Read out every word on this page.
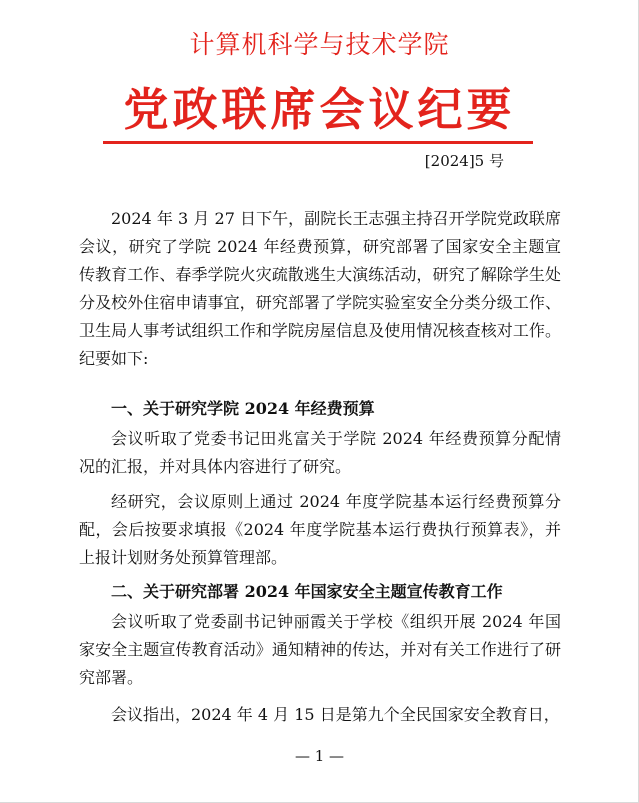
计算机科学与技术学院
党政联席会议纪要
[2024]5 号

2024 年 3 月 27 日下午，副院长王志强主持召开学院党政联席会议，研究了学院 2024 年经费预算，研究部署了国家安全主题宣传教育工作、春季学院火灾疏散逃生大演练活动，研究了解除学生处分及校外住宿申请事宜，研究部署了学院实验室安全分类分级工作、卫生局人事考试组织工作和学院房屋信息及使用情况核查核对工作。纪要如下:

一、关于研究学院 2024 年经费预算

会议听取了党委书记田兆富关于学院 2024 年经费预算分配情况的汇报，并对具体内容进行了研究。

经研究，会议原则上通过 2024 年度学院基本运行经费预算分配，会后按要求填报《2024 年度学院基本运行费执行预算表》，并上报计划财务处预算管理部。

二、关于研究部署 2024 年国家安全主题宣传教育工作

会议听取了党委副书记钟丽霞关于学校《组织开展 2024 年国家安全主题宣传教育活动》通知精神的传达，并对有关工作进行了研究部署。

会议指出，2024 年 4 月 15 日是第九个全民国家安全教育日，

— 1 —
